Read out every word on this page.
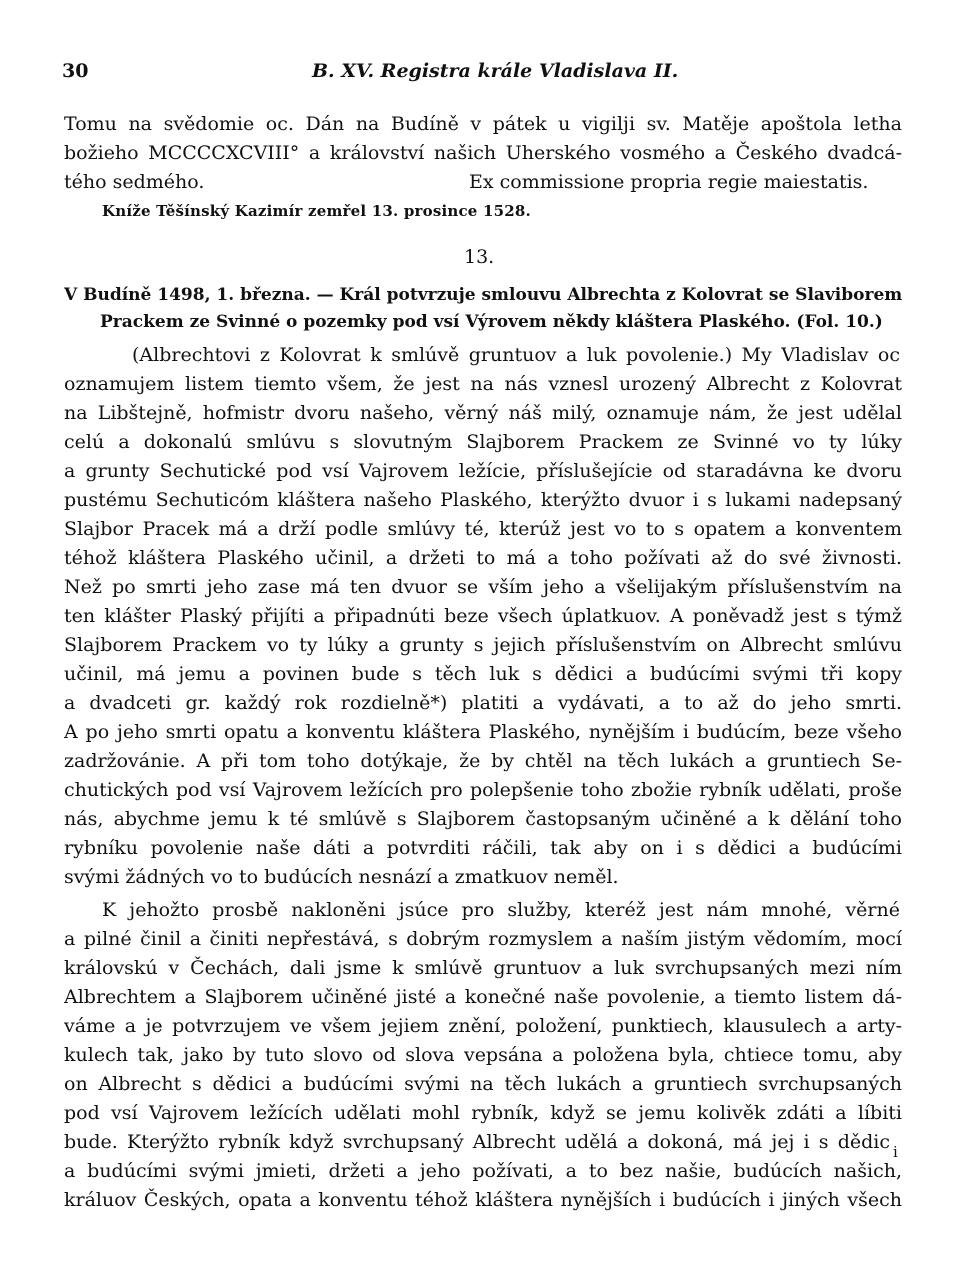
30	B. XV. Registra krále Vladislava II.
Tomu na svědomie oc. Dán na Budíně v pátek u vigilji sv. Matěje apoštola letha
božieho MCCCCXCVIII° a království našich Uherského vosmého a Českého dvadcá-
tého sedmého.	Ex commissione propria regie maiestatis.
Kníže Těšínský Kazimír zemřel 13. prosince 1528.
13.
V Budíně 1498, 1. března. — Král potvrzuje smlouvu Albrechta z Kolovrat se Slaviborem
Prackem ze Svinné o pozemky pod vsí Výrovem někdy kláštera Plaského. (Fol. 10.)
(Albrechtovi z Kolovrat k smlúvě gruntuov a luk povolenie.) My Vladislav oc
oznamujem listem tiemto všem, že jest na nás vznesl urozený Albrecht z Kolovrat
na Libštejně, hofmistr dvoru našeho, věrný náš milý, oznamuje nám, že jest udělal
celú a dokonalú smlúvu s slovutným Slajborem Prackem ze Svinné vo ty lúky
a grunty Sechutické pod vsí Vajrovem ležície, příslušejície od staradávna ke dvoru
pustému Sechuticóm kláštera našeho Plaského, kterýžto dvuor i s lukami nadepsaný
Slajbor Pracek má a drží podle smlúvy té, kterúž jest vo to s opatem a konventem
téhož kláštera Plaského učinil, a držeti to má a toho požívati až do své živnosti.
Než po smrti jeho zase má ten dvuor se vším jeho a všelijakým příslušenstvím na
ten klášter Plaský přijíti a připadnúti beze všech úplatkuov. A poněvadž jest s týmž
Slajborem Prackem vo ty lúky a grunty s jejich příslušenstvím on Albrecht smlúvu
učinil, má jemu a povinen bude s těch luk s dědici a budúcími svými tři kopy
a dvadceti gr. každý rok rozdielně*) platiti a vydávati, a to až do jeho smrti.
A po jeho smrti opatu a konventu kláštera Plaského, nynějším i budúcím, beze všeho
zadržovánie. A při tom toho dotýkaje, že by chtěl na těch lukách a gruntiech Se-
chutických pod vsí Vajrovem ležících pro polepšenie toho zbožie rybník udělati, proše
nás, abychme jemu k té smlúvě s Slajborem častopsaným učiněné a k dělání toho
rybníku povolenie naše dáti a potvrditi ráčili, tak aby on i s dědici a budúcími
svými žádných vo to budúcích nesnází a zmatkuov neměl.
K jehožto prosbě nakloněni jsúce pro služby, kteréž jest nám mnohé, věrné
a pilné činil a činiti nepřestává, s dobrým rozmyslem a naším jistým vědomím, mocí
královskú v Čechách, dali jsme k smlúvě gruntuov a luk svrchupsaných mezi ním
Albrechtem a Slajborem učiněné jisté a konečné naše povolenie, a tiemto listem dá-
váme a je potvrzujem ve všem jejiem znění, položení, punktiech, klausulech a arty-
kulech tak, jako by tuto slovo od slova vepsána a položena byla, chtiece tomu, aby
on Albrecht s dědici a budúcími svými na těch lukách a gruntiech svrchupsaných
pod vsí Vajrovem ležících udělati mohl rybník, když se jemu kolivěk zdáti a líbiti
bude. Kterýžto rybník když svrchupsaný Albrecht udělá a dokoná, má jej i s dědic i
a budúcími svými jmieti, držeti a jeho požívati, a to bez našie, budúcích našich,
králuov Českých, opata a konventu téhož kláštera nynějších i budúcích i jiných všech
